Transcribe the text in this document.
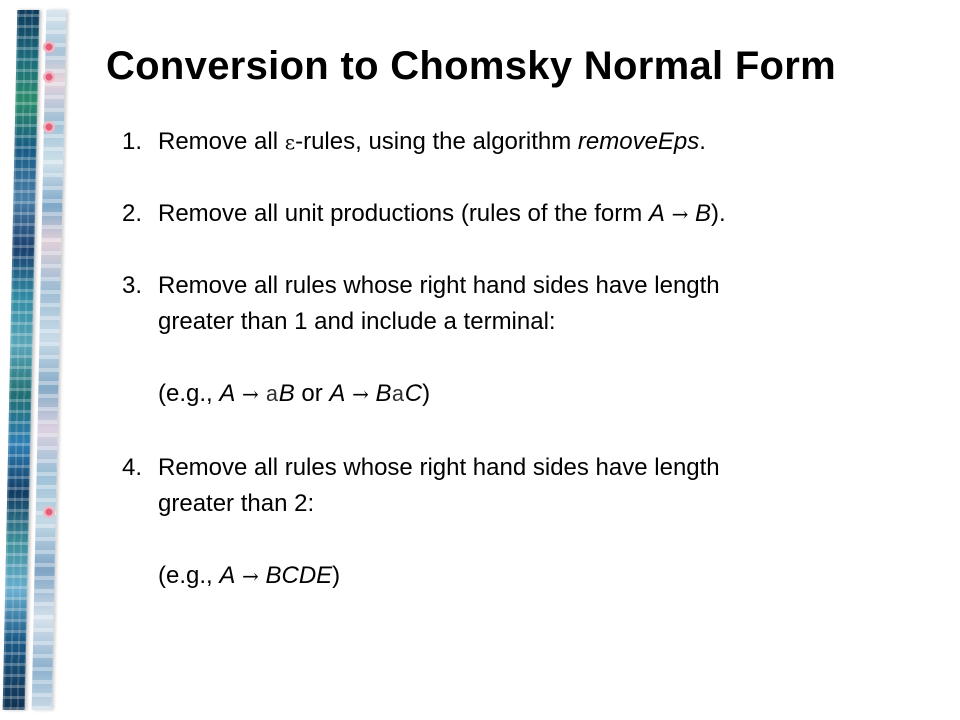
Conversion to Chomsky Normal Form
1. Remove all ε-rules, using the algorithm removeEps.
2. Remove all unit productions (rules of the form A → B).
3. Remove all rules whose right hand sides have length
greater than 1 and include a terminal:
(e.g., A → aB or A → BaC)
4. Remove all rules whose right hand sides have length
greater than 2:
(e.g., A → BCDE)
